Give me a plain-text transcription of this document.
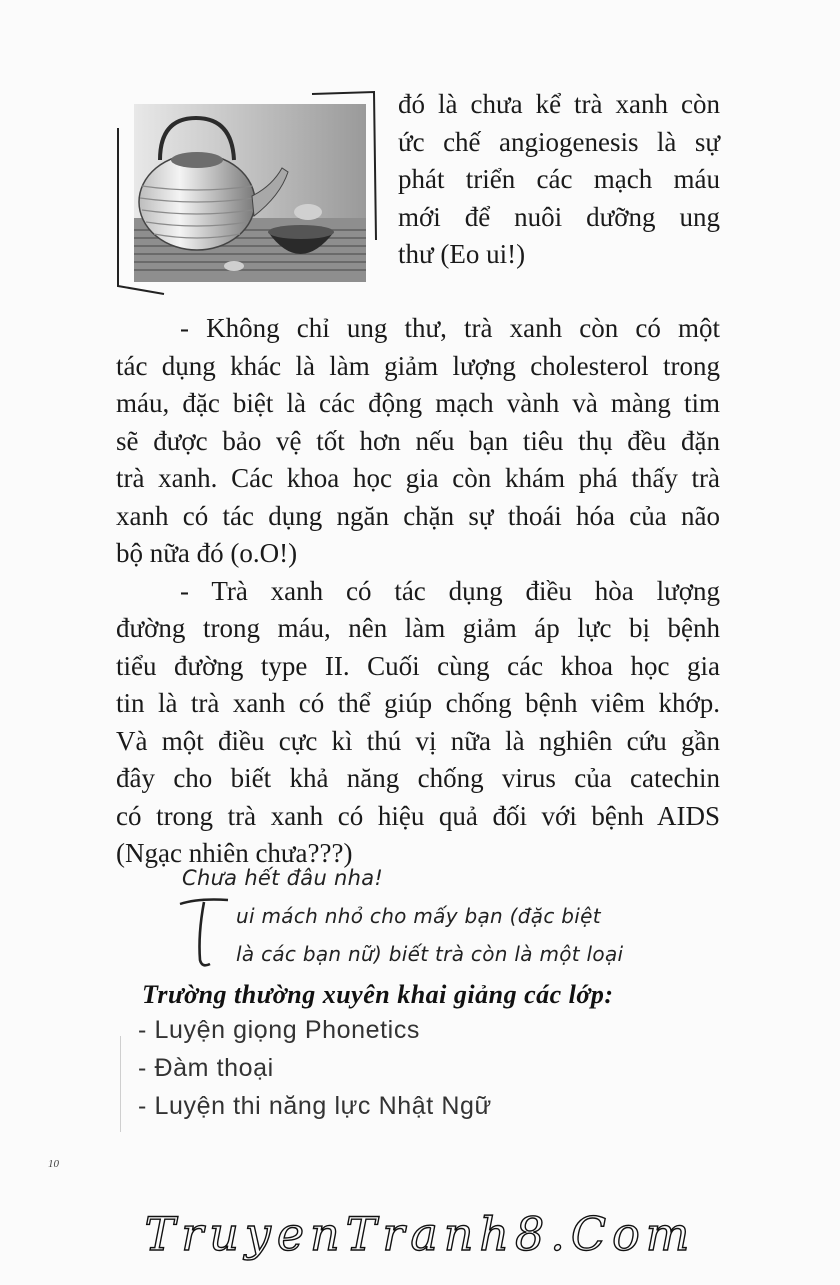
đó là chưa kể trà xanh còn
ức chế angiogenesis là sự
phát triển các mạch máu
mới để nuôi dưỡng ung
thư (Eo ui!)
- Không chỉ ung thư, trà xanh còn có một
tác dụng khác là làm giảm lượng cholesterol trong
máu, đặc biệt là các động mạch vành và màng tim
sẽ được bảo vệ tốt hơn nếu bạn tiêu thụ đều đặn
trà xanh. Các khoa học gia còn khám phá thấy trà
xanh có tác dụng ngăn chặn sự thoái hóa của não
bộ nữa đó (o.O!)
- Trà xanh có tác dụng điều hòa lượng
đường trong máu, nên làm giảm áp lực bị bệnh
tiểu đường type II. Cuối cùng các khoa học gia
tin là trà xanh có thể giúp chống bệnh viêm khớp.
Và một điều cực kì thú vị nữa là nghiên cứu gần
đây cho biết khả năng chống virus của catechin
có trong trà xanh có hiệu quả đối với bệnh AIDS
(Ngạc nhiên chưa???)
Chưa hết đâu nha!
ui mách nhỏ cho mấy bạn (đặc biệt
là các bạn nữ) biết trà còn là một loại
Trường thường xuyên khai giảng các lớp:
- Luyện giọng Phonetics
- Đàm thoại
- Luyện thi năng lực Nhật Ngữ
10
TruyenTranh8.Com
